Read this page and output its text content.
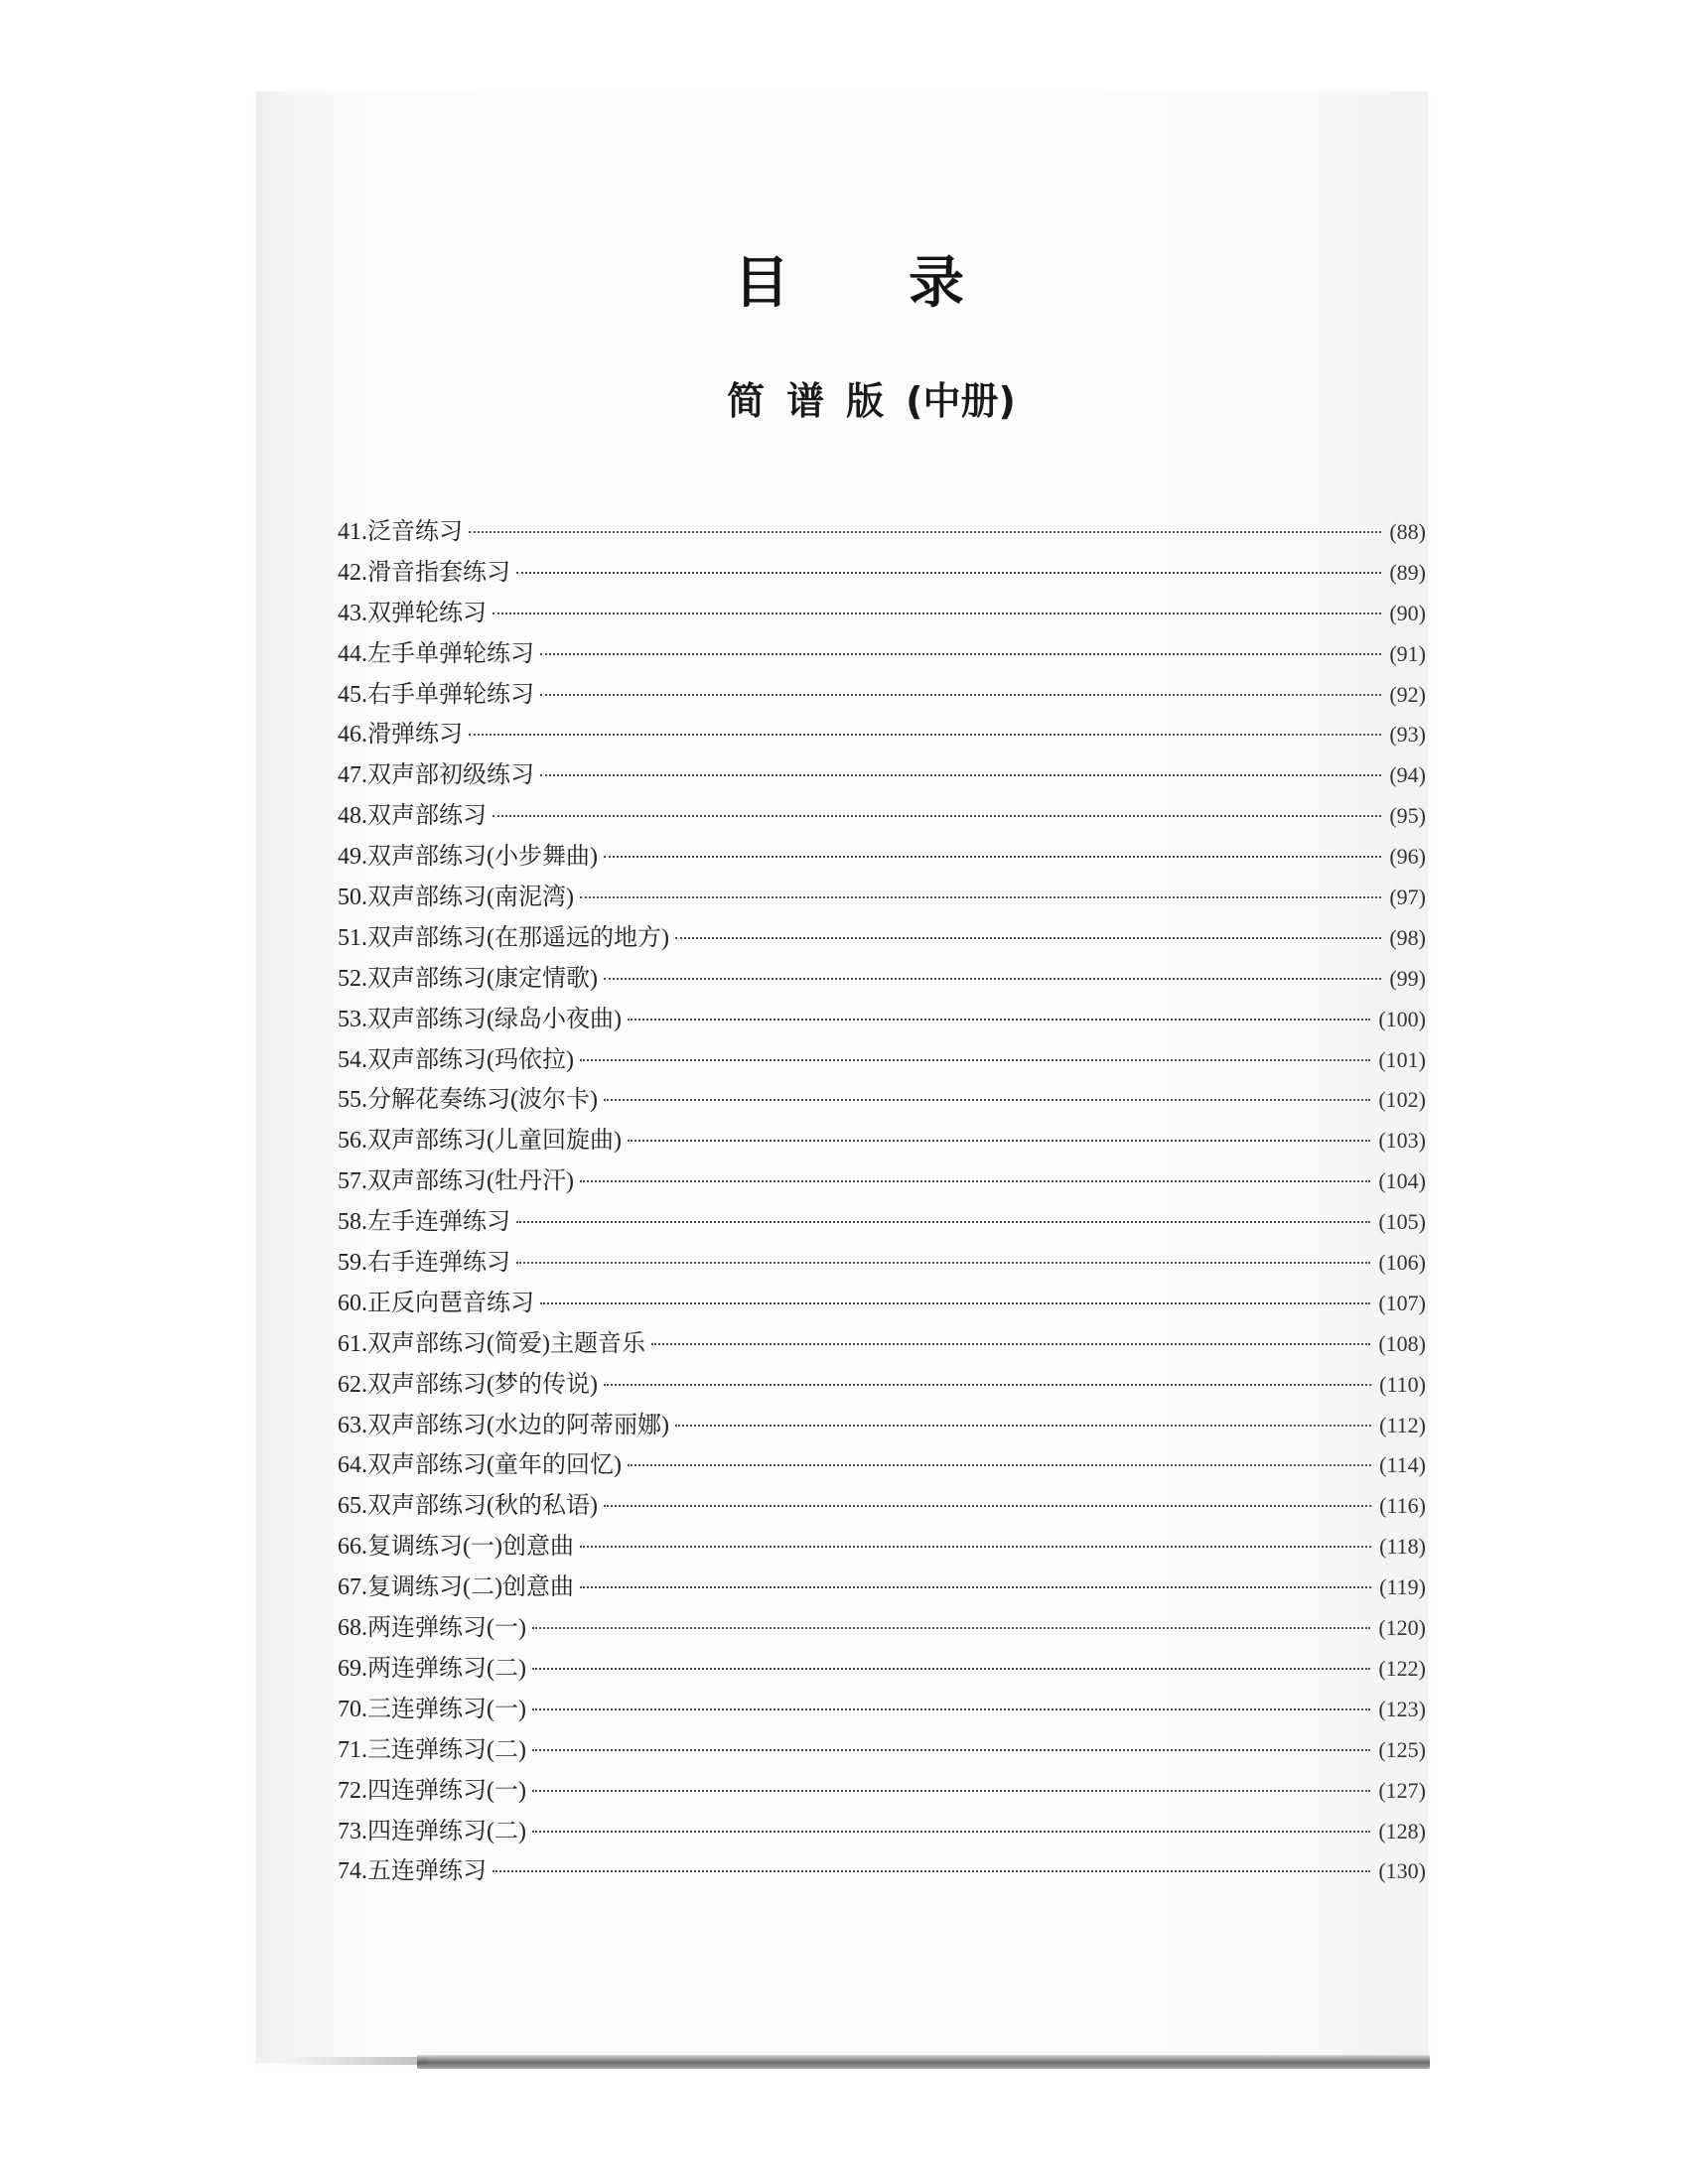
目录
简谱版(中册)
41. 泛音练习	(88)
42. 滑音指套练习	(89)
43. 双弹轮练习	(90)
44. 左手单弹轮练习	(91)
45. 右手单弹轮练习	(92)
46. 滑弹练习	(93)
47. 双声部初级练习	(94)
48. 双声部练习	(95)
49. 双声部练习(小步舞曲)	(96)
50. 双声部练习(南泥湾)	(97)
51. 双声部练习(在那遥远的地方)	(98)
52. 双声部练习(康定情歌)	(99)
53. 双声部练习(绿岛小夜曲)	(100)
54. 双声部练习(玛依拉)	(101)
55. 分解花奏练习(波尔卡)	(102)
56. 双声部练习(儿童回旋曲)	(103)
57. 双声部练习(牡丹汗)	(104)
58. 左手连弹练习	(105)
59. 右手连弹练习	(106)
60. 正反向琶音练习	(107)
61. 双声部练习(简爱)主题音乐	(108)
62. 双声部练习(梦的传说)	(110)
63. 双声部练习(水边的阿蒂丽娜)	(112)
64. 双声部练习(童年的回忆)	(114)
65. 双声部练习(秋的私语)	(116)
66. 复调练习(一)创意曲	(118)
67. 复调练习(二)创意曲	(119)
68. 两连弹练习(一)	(120)
69. 两连弹练习(二)	(122)
70. 三连弹练习(一)	(123)
71. 三连弹练习(二)	(125)
72. 四连弹练习(一)	(127)
73. 四连弹练习(二)	(128)
74. 五连弹练习	(130)
